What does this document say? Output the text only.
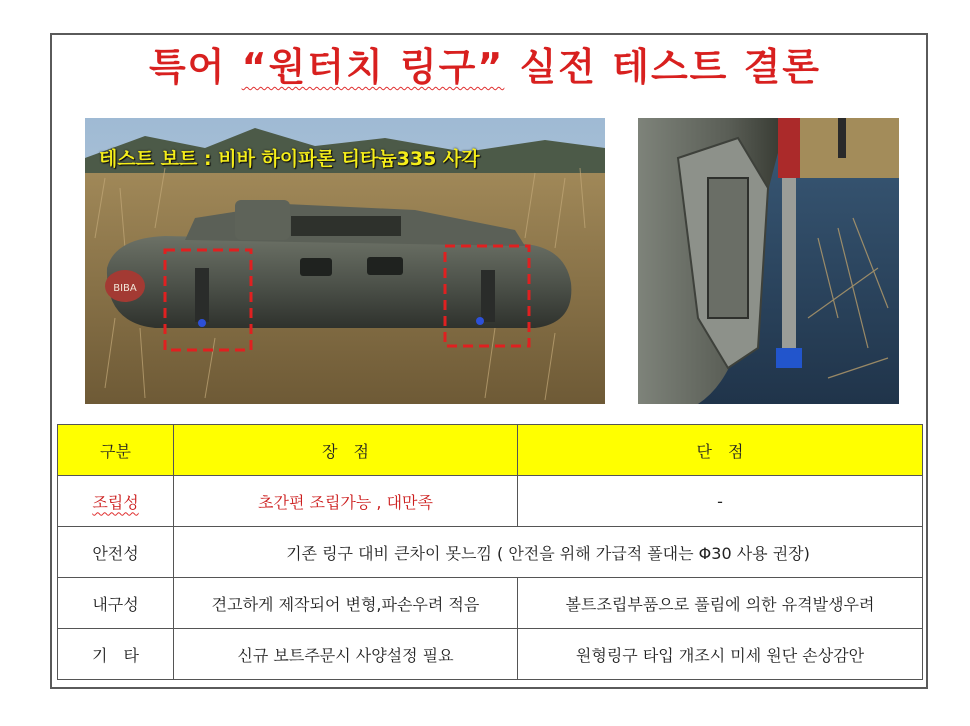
특어 “원터치 링구” 실전 테스트 결론
BIBA
테스트 보트 : 비바 하이파론 티타늄335 사각
구분	장　점	단　점
조립성	초간편 조립가능 , 대만족	-
안전성	기존 링구 대비 큰차이 못느낌 ( 안전을 위해 가급적 폴대는 Φ30 사용 권장)	
내구성	견고하게 제작되어 변형,파손우려 적음	볼트조립부품으로 풀림에 의한 유격발생우려
기　타	신규 보트주문시 사양설정 필요	원형링구 타입 개조시 미세 원단 손상감안
